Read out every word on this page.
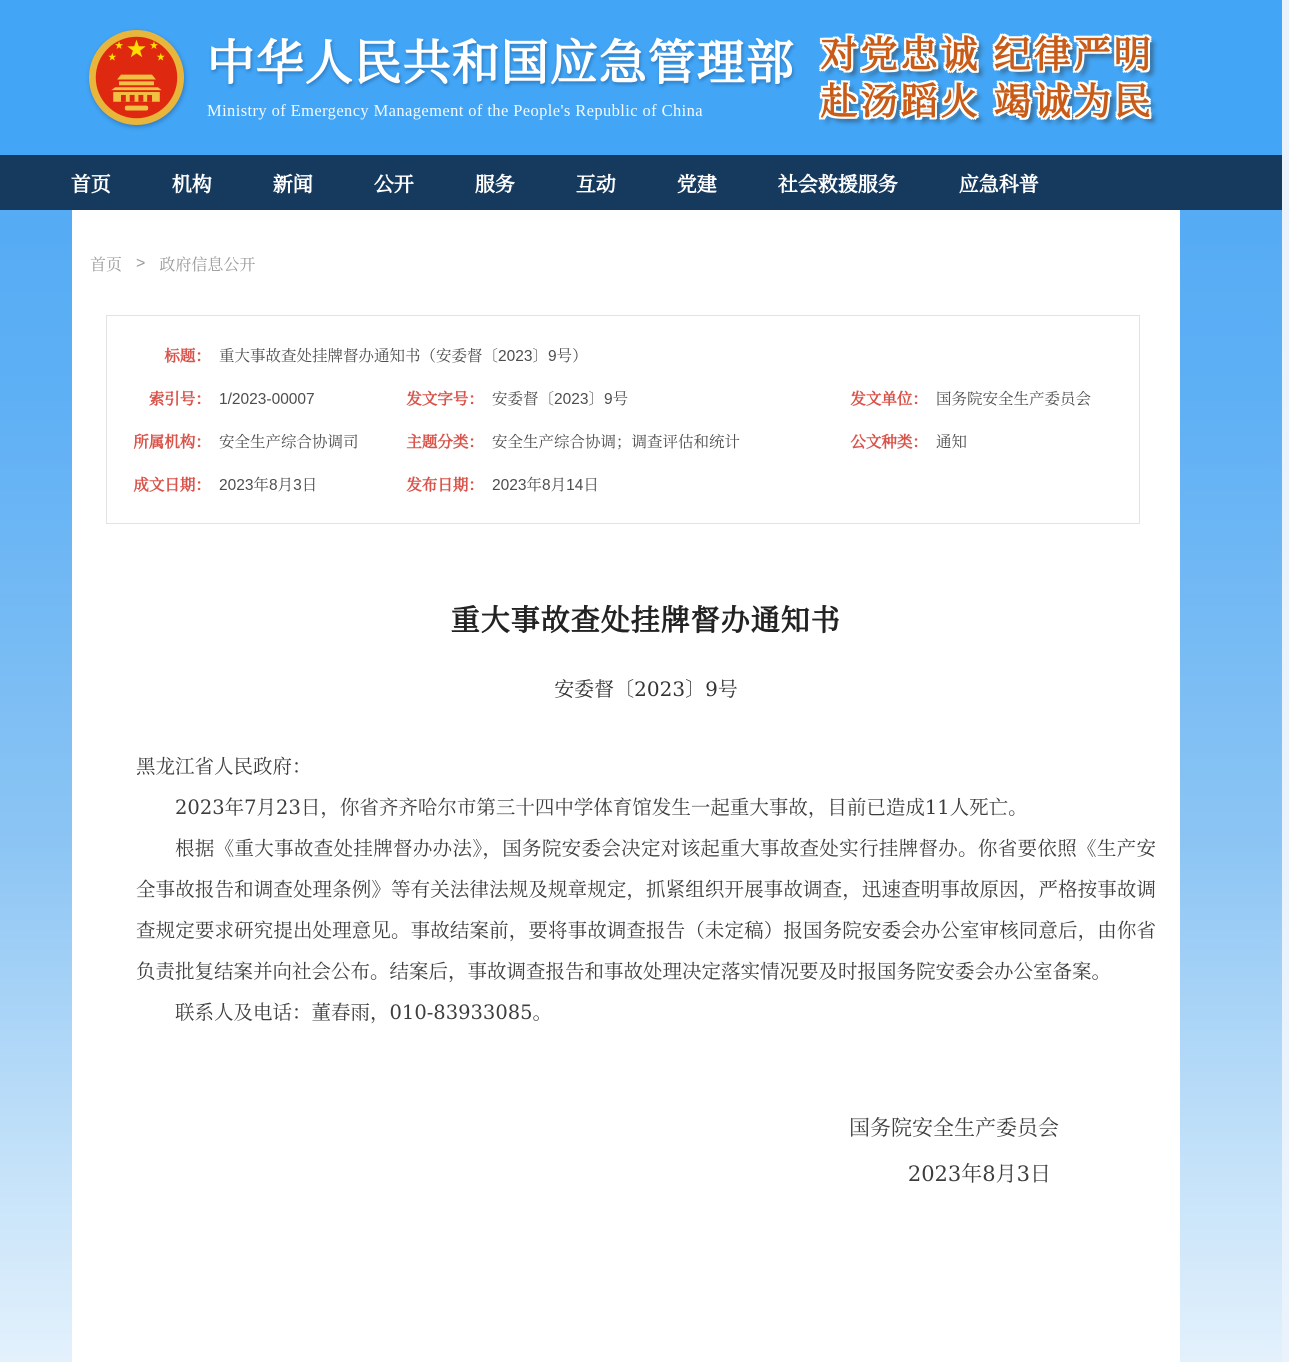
中华人民共和国应急管理部
Ministry of Emergency Management of the People's Republic of China
对党忠诚 纪律严明
赴汤蹈火 竭诚为民
首页	机构	新闻	公开	服务	互动	党建	社会救援服务	应急科普
首页 > 政府信息公开
标题： 重大事故查处挂牌督办通知书（安委督〔2023〕9号）
索引号： 1/2023-00007	发文字号： 安委督〔2023〕9号	发文单位： 国务院安全生产委员会
所属机构： 安全生产综合协调司	主题分类： 安全生产综合协调；调查评估和统计	公文种类： 通知
成文日期： 2023年8月3日	发布日期： 2023年8月14日
重大事故查处挂牌督办通知书
安委督〔2023〕9号

黑龙江省人民政府：

2023年7月23日，你省齐齐哈尔市第三十四中学体育馆发生一起重大事故，目前已造成11人死亡。

根据《重大事故查处挂牌督办办法》，国务院安委会决定对该起重大事故查处实行挂牌督办。你省要依照《生产安全事故报告和调查处理条例》等有关法律法规及规章规定，抓紧组织开展事故调查，迅速查明事故原因，严格按事故调查规定要求研究提出处理意见。事故结案前，要将事故调查报告（未定稿）报国务院安委会办公室审核同意后，由你省负责批复结案并向社会公布。结案后，事故调查报告和事故处理决定落实情况要及时报国务院安委会办公室备案。

联系人及电话：董春雨，010-83933085。

国务院安全生产委员会
2023年8月3日
